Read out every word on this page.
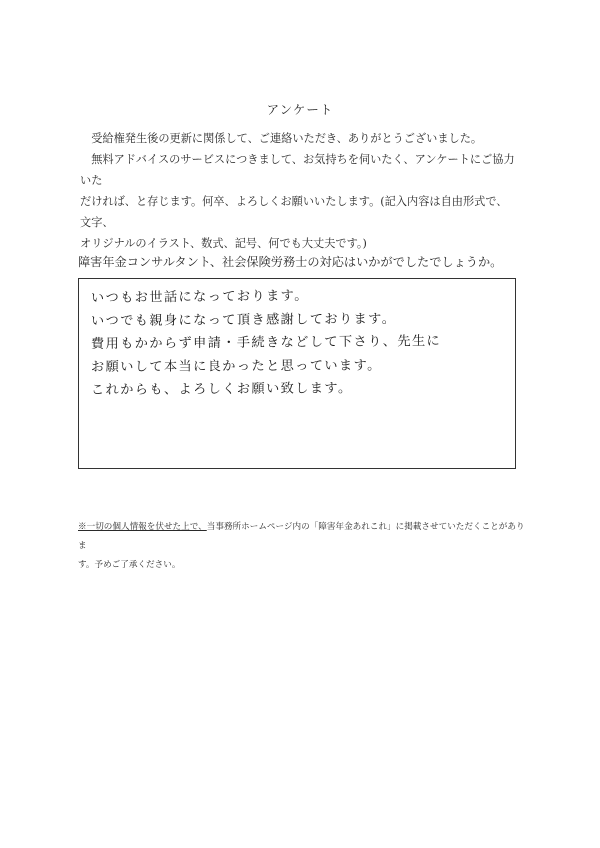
アンケート

受給権発生後の更新に関係して、ご連絡いただき、ありがとうございました。

無料アドバイスのサービスにつきまして、お気持ちを伺いたく、アンケートにご協力いた

だければ、と存じます。何卒、よろしくお願いいたします。(記入内容は自由形式で、文字、

オリジナルのイラスト、数式、記号、何でも大丈夫です。)

障害年金コンサルタント、社会保険労務士の対応はいかがでしたでしょうか。
いつもお世話になっております。
いつでも親身になって頂き感謝しております。
費用もかからず申請・手続きなどして下さり、先生に
お願いして本当に良かったと思っています。
これからも、よろしくお願い致します。
※一切の個人情報を伏せた上で、当事務所ホームページ内の「障害年金あれこれ」に掲載させていただくことがありま
す。予めご了承ください。
